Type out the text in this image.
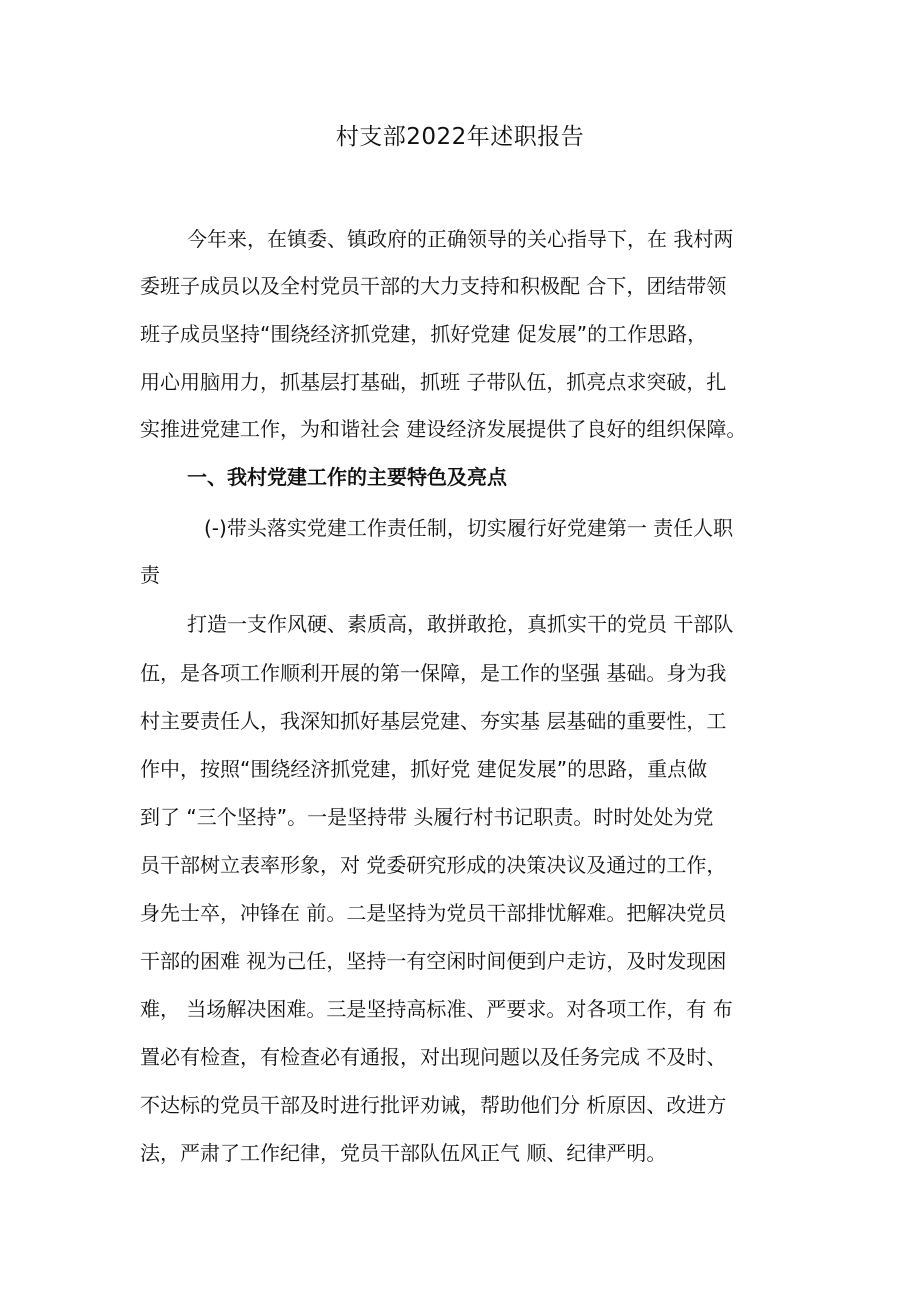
村支部2022年述职报告

今年来，在镇委、镇政府的正确领导的关心指导下，在 我村两

委班子成员以及全村党员干部的大力支持和积极配 合下，团结带领

班子成员坚持“围绕经济抓党建，抓好党建 促发展”的工作思路，

用心用脑用力，抓基层打基础，抓班 子带队伍，抓亮点求突破，扎

实推进党建工作，为和谐社会 建设经济发展提供了良好的组织保障。

一、我村党建工作的主要特色及亮点

(-)带头落实党建工作责任制，切实履行好党建第一 责任人职

责

打造一支作风硬、素质高，敢拼敢抢，真抓实干的党员 干部队

伍，是各项工作顺利开展的第一保障，是工作的坚强 基础。身为我

村主要责任人，我深知抓好基层党建、夯实基 层基础的重要性，工

作中，按照“围绕经济抓党建，抓好党 建促发展”的思路，重点做

到了 “三个坚持”。一是坚持带 头履行村书记职责。时时处处为党

员干部树立表率形象，对 党委研究形成的决策决议及通过的工作，

身先士卒，冲锋在 前。二是坚持为党员干部排忧解难。把解决党员

干部的困难 视为己任，坚持一有空闲时间便到户走访，及时发现困

难， 当场解决困难。三是坚持高标准、严要求。对各项工作，有 布

置必有检查，有检查必有通报，对出现问题以及任务完成 不及时、

不达标的党员干部及时进行批评劝诫，帮助他们分 析原因、改进方

法，严肃了工作纪律，党员干部队伍风正气 顺、纪律严明。
